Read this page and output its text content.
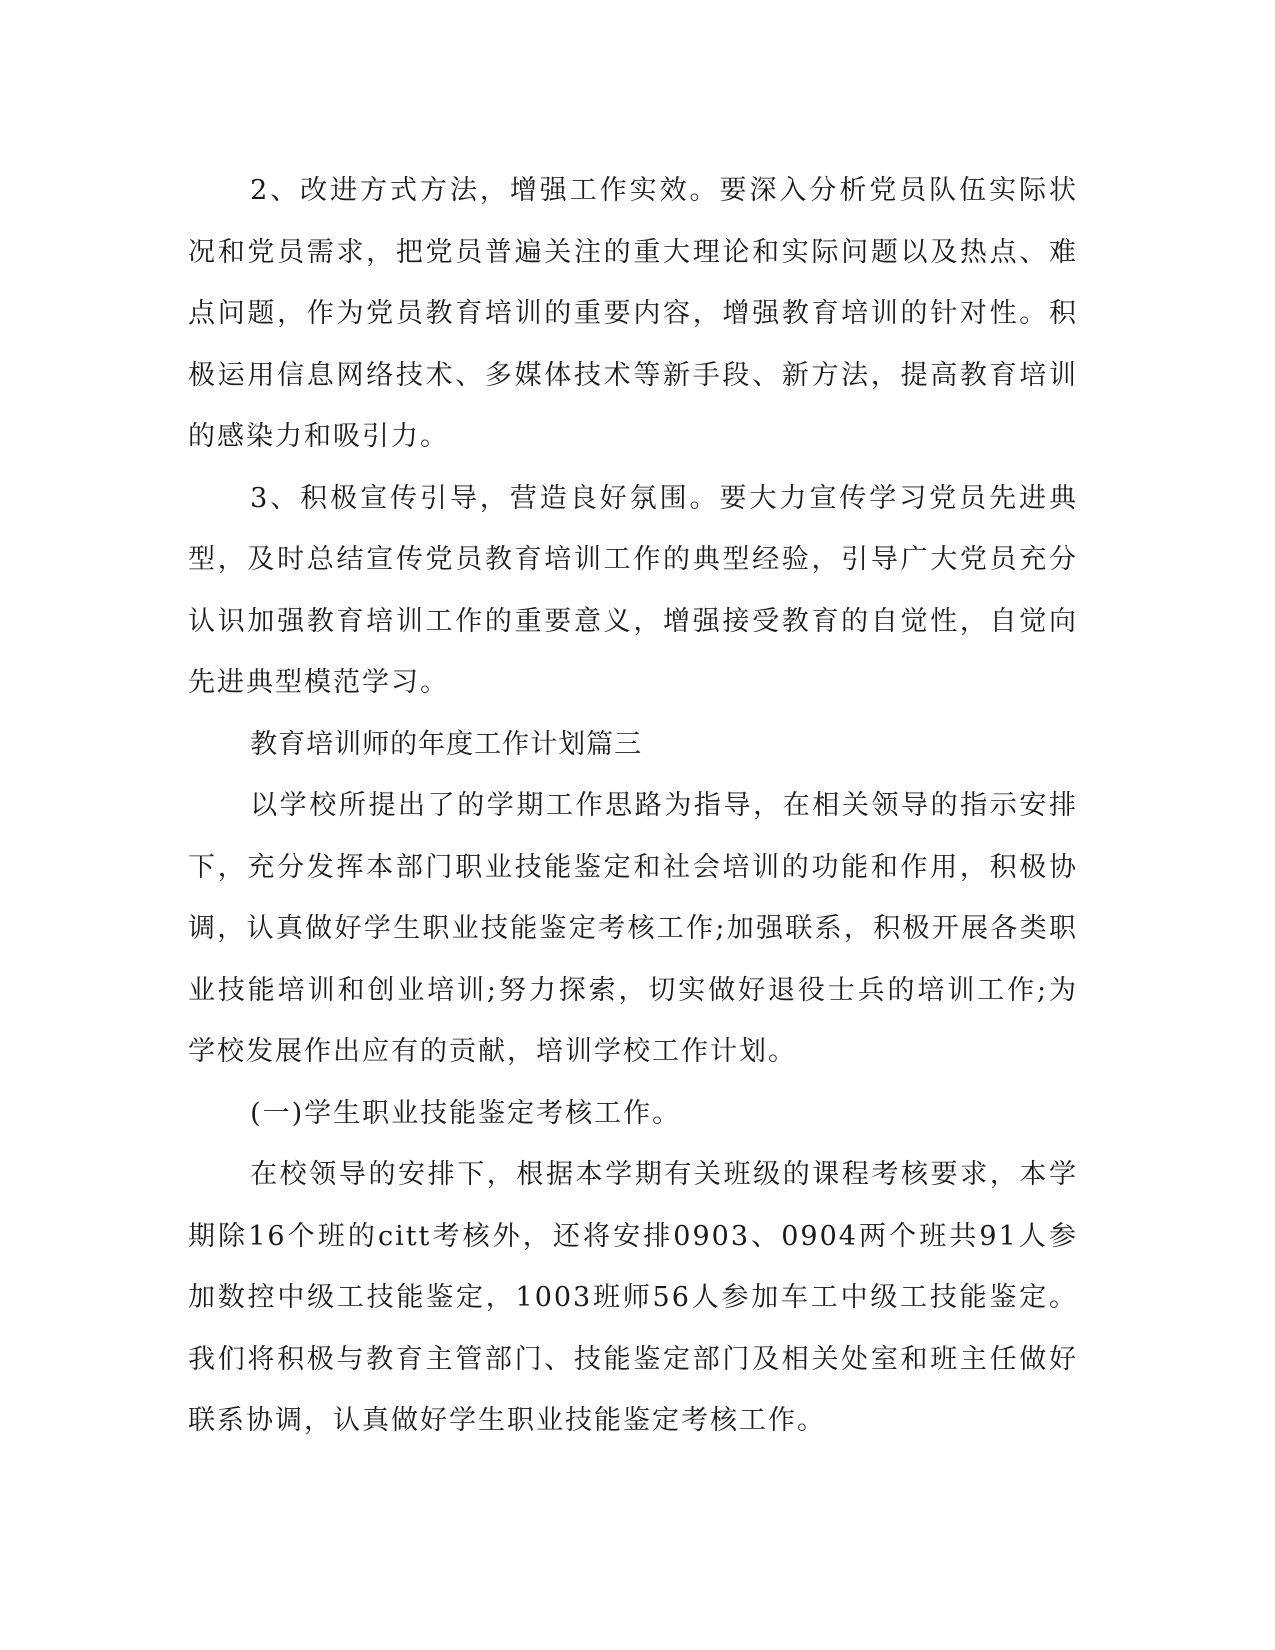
2、改进方式方法，增强工作实效。要深入分析党员队伍实际状况和党员需求，把党员普遍关注的重大理论和实际问题以及热点、难点问题，作为党员教育培训的重要内容，增强教育培训的针对性。积极运用信息网络技术、多媒体技术等新手段、新方法，提高教育培训的感染力和吸引力。

3、积极宣传引导，营造良好氛围。要大力宣传学习党员先进典型，及时总结宣传党员教育培训工作的典型经验，引导广大党员充分认识加强教育培训工作的重要意义，增强接受教育的自觉性，自觉向先进典型模范学习。

教育培训师的年度工作计划篇三

以学校所提出了的学期工作思路为指导，在相关领导的指示安排下，充分发挥本部门职业技能鉴定和社会培训的功能和作用，积极协调，认真做好学生职业技能鉴定考核工作;加强联系，积极开展各类职业技能培训和创业培训;努力探索，切实做好退役士兵的培训工作;为学校发展作出应有的贡献，培训学校工作计划。

(一)学生职业技能鉴定考核工作。

在校领导的安排下，根据本学期有关班级的课程考核要求，本学期除16个班的citt考核外，还将安排0903、0904两个班共91人参加数控中级工技能鉴定，1003班师56人参加车工中级工技能鉴定。我们将积极与教育主管部门、技能鉴定部门及相关处室和班主任做好联系协调，认真做好学生职业技能鉴定考核工作。
